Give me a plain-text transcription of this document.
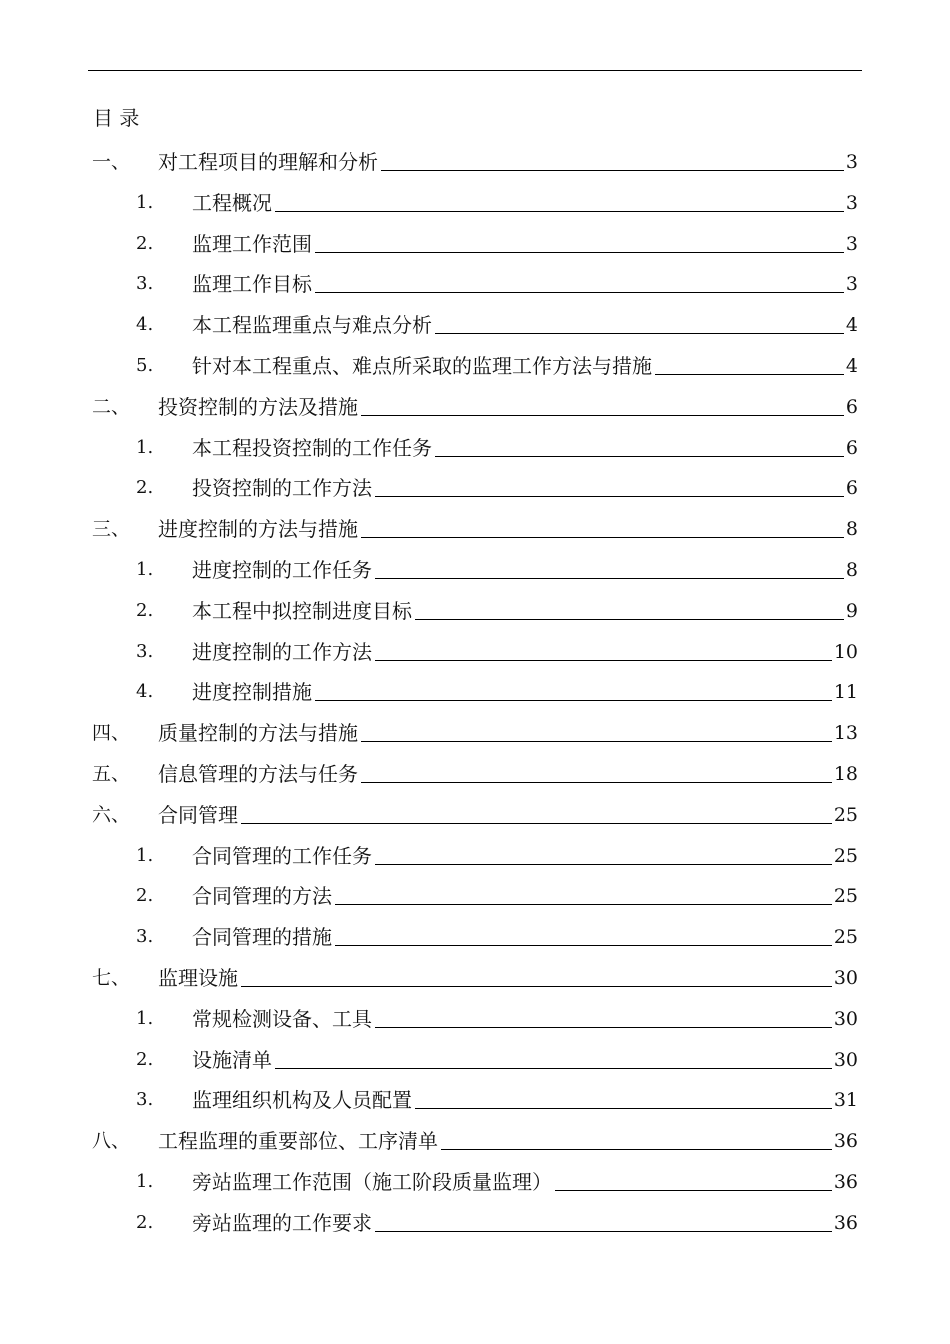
目 录
一、 对工程项目的理解和分析	3
1. 工程概况	3
2. 监理工作范围	3
3. 监理工作目标	3
4. 本工程监理重点与难点分析	4
5. 针对本工程重点、难点所采取的监理工作方法与措施	4
二、 投资控制的方法及措施	6
1. 本工程投资控制的工作任务	6
2. 投资控制的工作方法	6
三、 进度控制的方法与措施	8
1. 进度控制的工作任务	8
2. 本工程中拟控制进度目标	9
3. 进度控制的工作方法	10
4. 进度控制措施	11
四、 质量控制的方法与措施	13
五、 信息管理的方法与任务	18
六、 合同管理	25
1. 合同管理的工作任务	25
2. 合同管理的方法	25
3. 合同管理的措施	25
七、 监理设施	30
1. 常规检测设备、工具	30
2. 设施清单	30
3. 监理组织机构及人员配置	31
八、 工程监理的重要部位、工序清单	36
1. 旁站监理工作范围（施工阶段质量监理）	36
2. 旁站监理的工作要求	36
